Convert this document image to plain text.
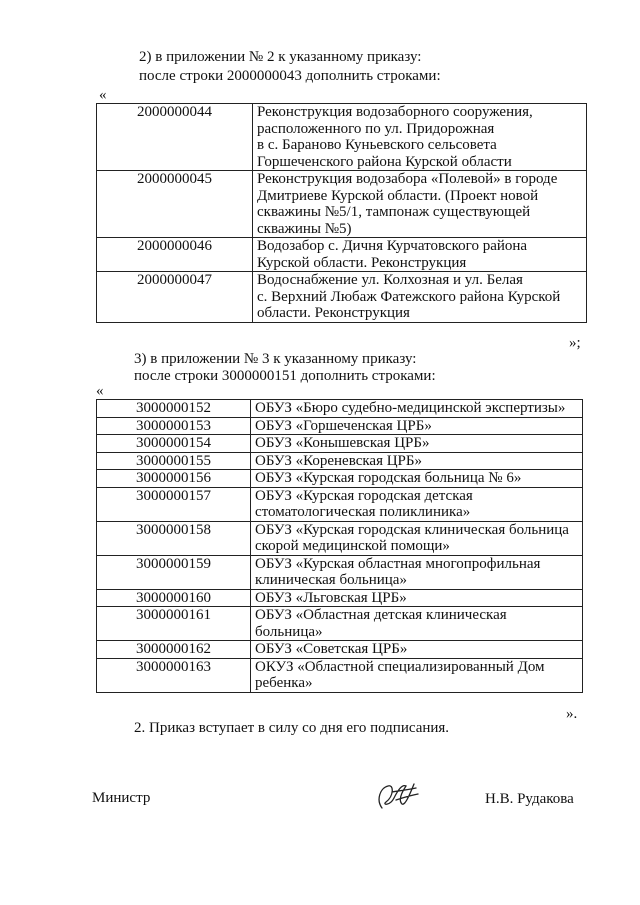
2) в приложении № 2 к указанному приказу:
после строки 2000000043 дополнить строками:
«
2000000044	Реконструкция водозаборного сооружения,
расположенного по ул. Придорожная
в с. Бараново Куньевского сельсовета
Горшеченского района Курской области

2000000045	Реконструкция водозабора «Полевой» в городе
Дмитриеве Курской области. (Проект новой
скважины №5/1, тампонаж существующей
скважины №5)

2000000046	Водозабор с. Дичня Курчатовского района
Курской области. Реконструкция

2000000047	Водоснабжение ул. Колхозная и ул. Белая
с. Верхний Любаж Фатежского района Курской
области. Реконструкция
»;
3) в приложении № 3 к указанному приказу:
после строки 3000000151 дополнить строками:
«
3000000152	ОБУЗ «Бюро судебно-медицинской экспертизы»

3000000153	ОБУЗ «Горшеченская ЦРБ»

3000000154	ОБУЗ «Конышевская ЦРБ»

3000000155	ОБУЗ «Кореневская ЦРБ»

3000000156	ОБУЗ «Курская городская больница № 6»

3000000157	ОБУЗ «Курская городская детская
стоматологическая поликлиника»

3000000158	ОБУЗ «Курская городская клиническая больница
скорой медицинской помощи»

3000000159	ОБУЗ «Курская областная многопрофильная
клиническая больница»

3000000160	ОБУЗ «Льговская ЦРБ»

3000000161	ОБУЗ «Областная детская клиническая
больница»

3000000162	ОБУЗ «Советская ЦРБ»

3000000163	ОКУЗ «Областной специализированный Дом
ребенка»
».
2. Приказ вступает в силу со дня его подписания.
Министр	Н.В. Рудакова
